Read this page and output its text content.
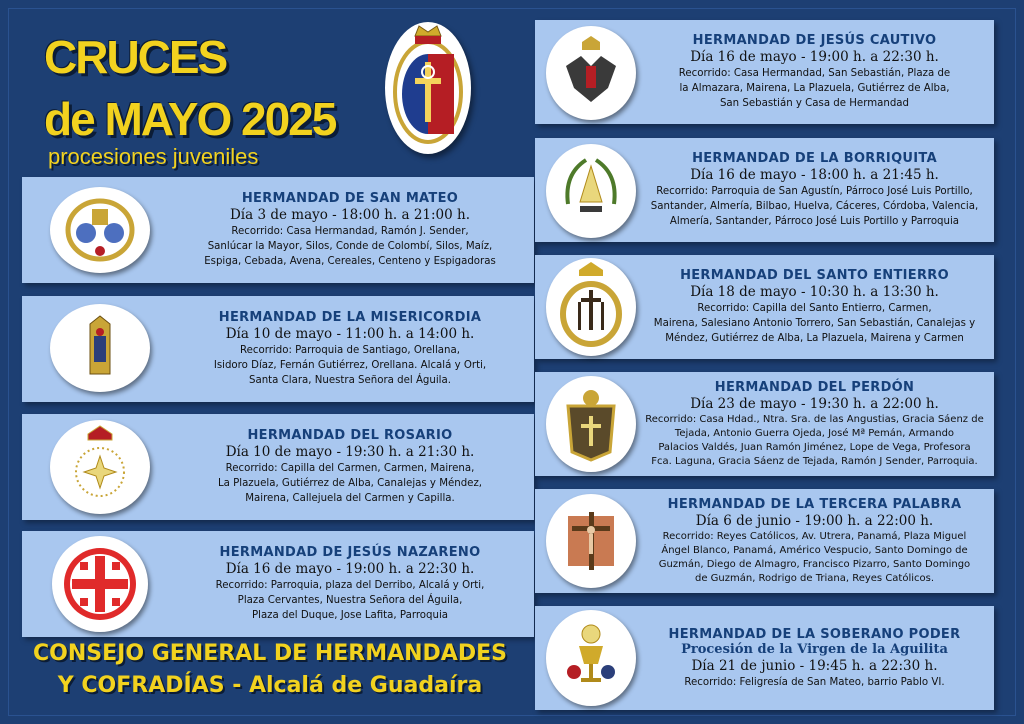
CRUCES
de MAYO 2025
procesiones juveniles
HERMANDAD DE SAN MATEO
Día 3 de mayo - 18:00 h. a 21:00 h.
Recorrido: Casa Hermandad, Ramón J. Sender,
Sanlúcar la Mayor, Silos, Conde de Colombí, Silos, Maíz,
Espiga, Cebada, Avena, Cereales, Centeno y Espigadoras
HERMANDAD DE LA MISERICORDIA
Día 10 de mayo - 11:00 h. a 14:00 h.
Recorrido: Parroquia de Santiago, Orellana,
Isidoro Díaz, Fernán Gutiérrez, Orellana. Alcalá y Orti,
Santa Clara, Nuestra Señora del Águila.
HERMANDAD DEL ROSARIO
Día 10 de mayo - 19:30 h. a 21:30 h.
Recorrido: Capilla del Carmen, Carmen, Mairena,
La Plazuela, Gutiérrez de Alba, Canalejas y Méndez,
Mairena, Callejuela del Carmen y Capilla.
HERMANDAD DE JESÚS NAZARENO
Día 16 de mayo - 19:00 h. a 22:30 h.
Recorrido: Parroquia, plaza del Derribo, Alcalá y Orti,
Plaza Cervantes, Nuestra Señora del Águila,
Plaza del Duque, Jose Lafita, Parroquia
CONSEJO GENERAL DE HERMANDADES
Y COFRADÍAS - Alcalá de Guadaíra
HERMANDAD DE JESÚS CAUTIVO
Día 16 de mayo - 19:00 h. a 22:30 h.
Recorrido: Casa Hermandad, San Sebastián, Plaza de
la Almazara, Mairena, La Plazuela, Gutiérrez de Alba,
San Sebastián y Casa de Hermandad
HERMANDAD DE LA BORRIQUITA
Día 16 de mayo - 18:00 h. a 21:45 h.
Recorrido: Parroquia de San Agustín, Párroco José Luis Portillo,
Santander, Almería, Bilbao, Huelva, Cáceres, Córdoba, Valencia,
Almería, Santander, Párroco José Luis Portillo y Parroquia
HERMANDAD DEL SANTO ENTIERRO
Día 18 de mayo - 10:30 h. a 13:30 h.
Recorrido: Capilla del Santo Entierro, Carmen,
Mairena, Salesiano Antonio Torrero, San Sebastián, Canalejas y
Méndez, Gutiérrez de Alba, La Plazuela, Mairena y Carmen
HERMANDAD DEL PERDÓN
Día 23 de mayo - 19:30 h. a 22:00 h.
Recorrido: Casa Hdad., Ntra. Sra. de las Angustias, Gracia Sáenz de
Tejada, Antonio Guerra Ojeda, José Mª Pemán, Armando
Palacios Valdés, Juan Ramón Jiménez, Lope de Vega, Profesora
Fca. Laguna, Gracia Sáenz de Tejada, Ramón J Sender, Parroquia.
HERMANDAD DE LA TERCERA PALABRA
Día 6 de junio - 19:00 h. a 22:00 h.
Recorrido: Reyes Católicos, Av. Utrera, Panamá, Plaza Miguel
Ángel Blanco, Panamá, Américo Vespucio, Santo Domingo de
Guzmán, Diego de Almagro, Francisco Pizarro, Santo Domingo
de Guzmán, Rodrigo de Triana, Reyes Católicos.
HERMANDAD DE LA SOBERANO PODER
Procesión de la Virgen de la Aguilita
Día 21 de junio - 19:45 h. a 22:30 h.
Recorrido: Feligresía de San Mateo, barrio Pablo VI.
